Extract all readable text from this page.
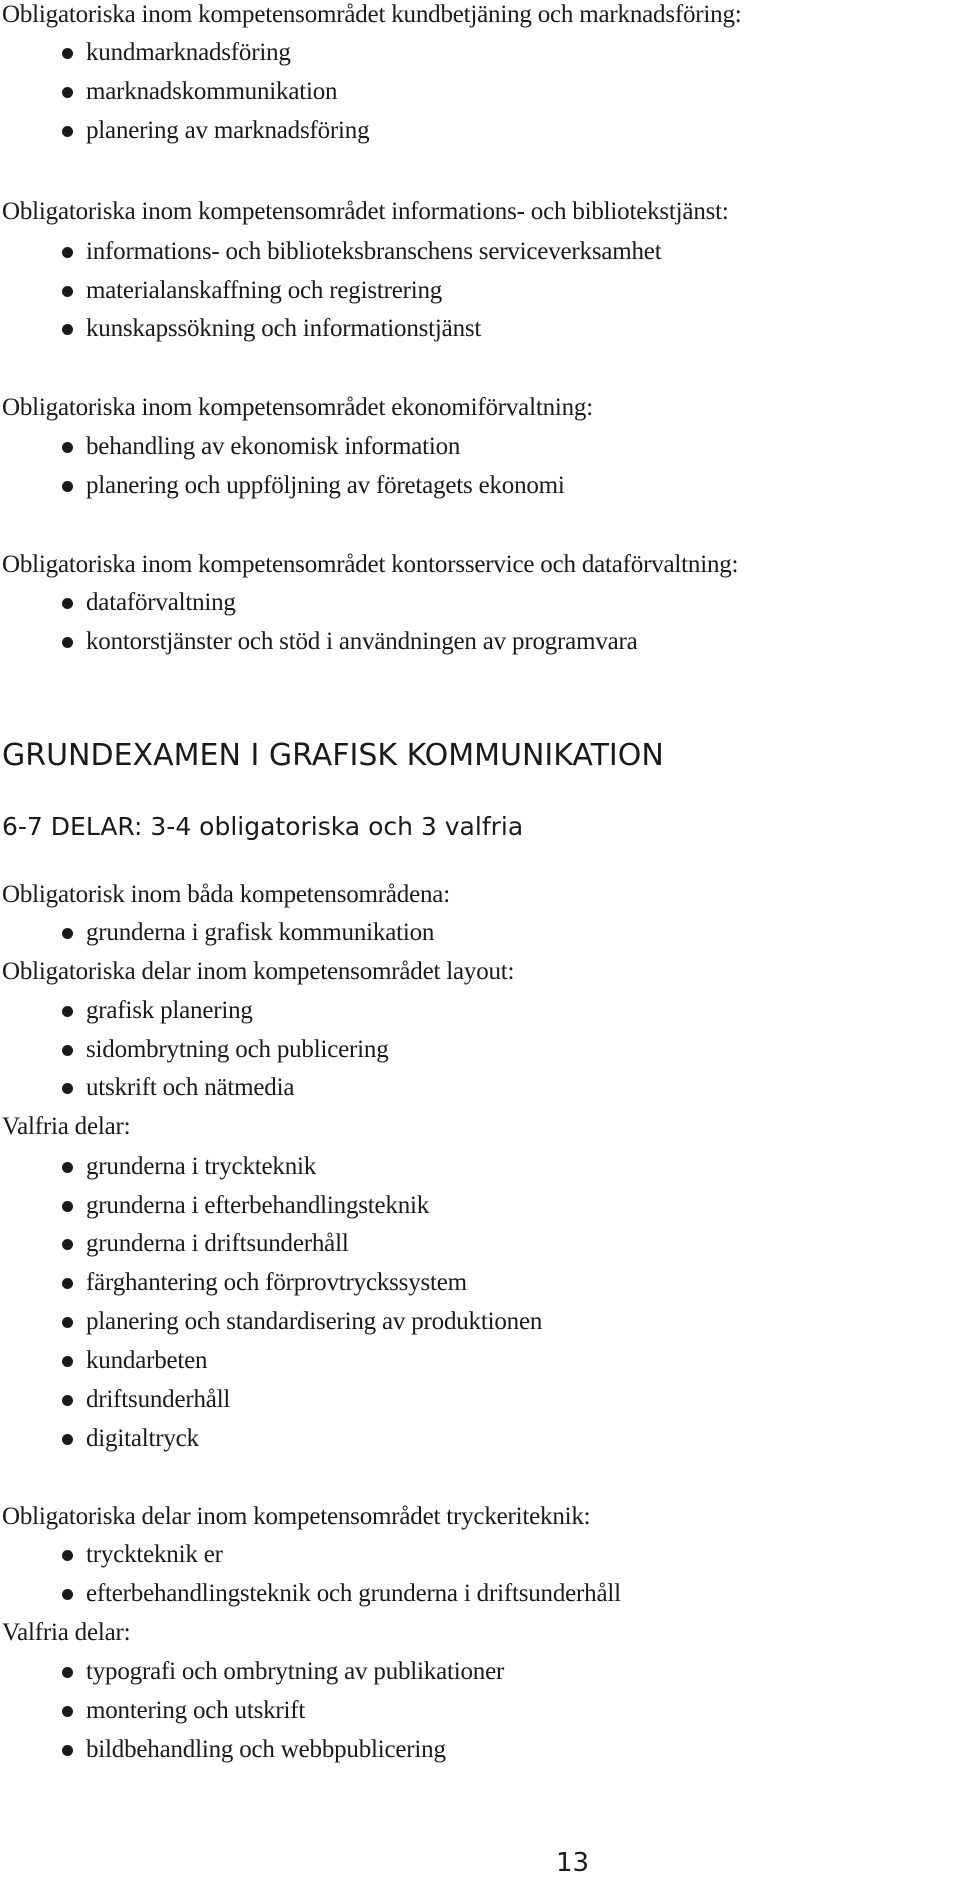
Obligatoriska inom kompetensområdet kundbetjäning och marknadsföring:
kundmarknadsföring
marknadskommunikation
planering av marknadsföring
Obligatoriska inom kompetensområdet informations- och bibliotekstjänst:
informations- och biblioteksbranschens serviceverksamhet
materialanskaffning och registrering
kunskapssökning och informationstjänst
Obligatoriska inom kompetensområdet ekonomiförvaltning:
behandling av ekonomisk information
planering och uppföljning av företagets ekonomi
Obligatoriska inom kompetensområdet kontorsservice och dataförvaltning:
dataförvaltning
kontorstjänster och stöd i användningen av programvara
GRUNDEXAMEN I GRAFISK KOMMUNIKATION
6-7 DELAR: 3-4 obligatoriska och 3 valfria
Obligatorisk inom båda kompetensområdena:
grunderna i grafisk kommunikation
Obligatoriska delar inom kompetensområdet layout:
grafisk planering
sidombrytning och publicering
utskrift och nätmedia
Valfria delar:
grunderna i tryckteknik
grunderna i efterbehandlingsteknik
grunderna i driftsunderhåll
färghantering och förprovtryckssystem
planering och standardisering av produktionen
kundarbeten
driftsunderhåll
digitaltryck
Obligatoriska delar inom kompetensområdet tryckeriteknik:
tryckteknik er
efterbehandlingsteknik och grunderna i driftsunderhåll
Valfria delar:
typografi och ombrytning av publikationer
montering och utskrift
bildbehandling och webbpublicering
13
